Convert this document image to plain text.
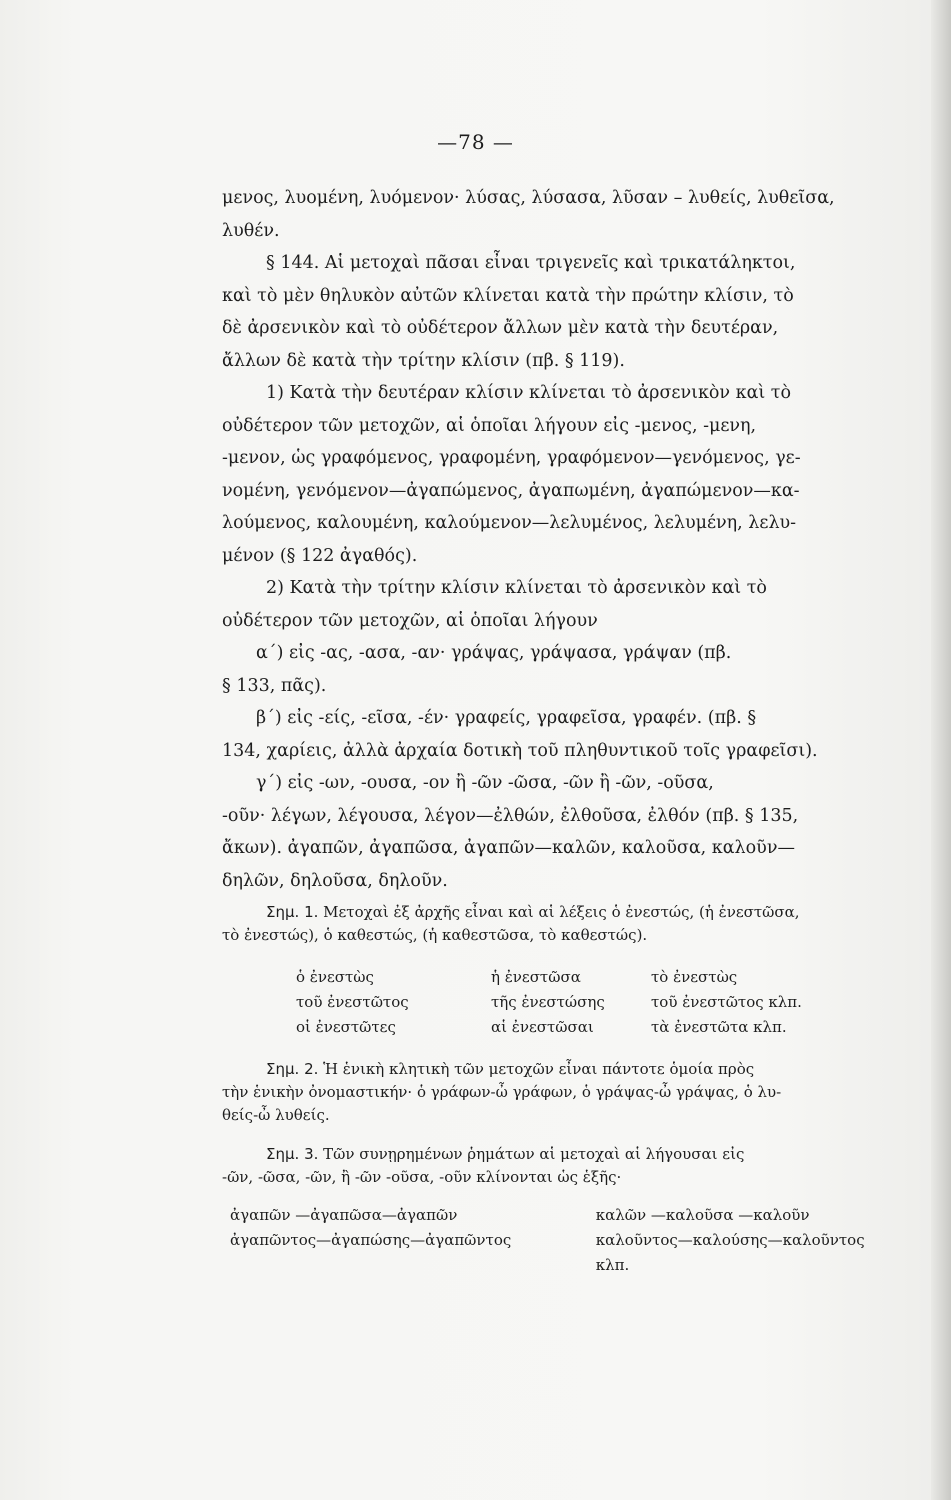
—78 —

μενος, λυομένη, λυόμενον· λύσας, λύσασα, λῦσαν – λυθείς, λυθεῖσα,

λυθέν.

§ 144. Αἱ μετοχαὶ πᾶσαι εἶναι τριγενεῖς καὶ τρικατάληκτοι,

καὶ τὸ μὲν θηλυκὸν αὐτῶν κλίνεται κατὰ τὴν πρώτην κλίσιν, τὸ

δὲ ἀρσενικὸν καὶ τὸ οὐδέτερον ἄλλων μὲν κατὰ τὴν δευτέραν,

ἄλλων δὲ κατὰ τὴν τρίτην κλίσιν (πβ. § 119).

1) Κατὰ τὴν δευτέραν κλίσιν κλίνεται τὸ ἀρσενικὸν καὶ τὸ

οὐδέτερον τῶν μετοχῶν, αἱ ὁποῖαι λήγουν εἰς -μενος, -μενη,

-μενον, ὡς γραφόμενος, γραφομένη, γραφόμενον—γενόμενος, γε-

νομένη, γενόμενον—ἀγαπώμενος, ἀγαπωμένη, ἀγαπώμενον—κα-

λούμενος, καλουμένη, καλούμενον—λελυμένος, λελυμένη, λελυ-

μένον (§ 122 ἀγαθός).

2) Κατὰ τὴν τρίτην κλίσιν κλίνεται τὸ ἀρσενικὸν καὶ τὸ

οὐδέτερον τῶν μετοχῶν, αἱ ὁποῖαι λήγουν

α΄) εἰς -ας, -ασα, -αν· γράψας, γράψασα, γράψαν (πβ.

§ 133, πᾶς).

β΄) εἰς -είς, -εῖσα, -έν· γραφείς, γραφεῖσα, γραφέν. (πβ. §

134, χαρίεις, ἀλλὰ ἀρχαία δοτικὴ τοῦ πληθυντικοῦ τοῖς γραφεῖσι).

γ΄) εἰς -ων, -ουσα, -ον ἢ -ῶν -ῶσα, -ῶν ἢ -ῶν, -οῦσα,

-οῦν· λέγων, λέγουσα, λέγον—ἐλθών, ἐλθοῦσα, ἐλθόν (πβ. § 135,

ἄκων). ἀγαπῶν, ἀγαπῶσα, ἀγαπῶν—καλῶν, καλοῦσα, καλοῦν—

δηλῶν, δηλοῦσα, δηλοῦν.

Σημ. 1. Μετοχαὶ ἐξ ἀρχῆς εἶναι καὶ αἱ λέξεις ὁ ἐνεστώς, (ἡ ἐνεστῶσα,

τὸ ἐνεστώς), ὁ καθεστώς, (ἡ καθεστῶσα, τὸ καθεστώς).

ὁ ἐνεστὼς	ἡ ἐνεστῶσα	τὸ ἐνεστὼς
τοῦ ἐνεστῶτος	τῆς ἐνεστώσης	τοῦ ἐνεστῶτος κλπ.
οἱ ἐνεστῶτες	αἱ ἐνεστῶσαι	τὰ ἐνεστῶτα κλπ.

Σημ. 2. Ἡ ἑνικὴ κλητικὴ τῶν μετοχῶν εἶναι πάντοτε ὁμοία πρὸς

τὴν ἑνικὴν ὀνομαστικήν· ὁ γράφων-ὦ γράφων, ὁ γράψας-ὦ γράψας, ὁ λυ-

θείς-ὦ λυθείς.

Σημ. 3. Τῶν συνῃρημένων ῥημάτων αἱ μετοχαὶ αἱ λήγουσαι εἰς

-ῶν, -ῶσα, -ῶν, ἢ -ῶν -οῦσα, -οῦν κλίνονται ὡς ἑξῆς·

ἀγαπῶν —ἀγαπῶσα—ἀγαπῶν	καλῶν —καλοῦσα —καλοῦν
ἀγαπῶντος—ἀγαπώσης—ἀγαπῶντος	καλοῦντος—καλούσης—καλοῦντος
	κλπ.
